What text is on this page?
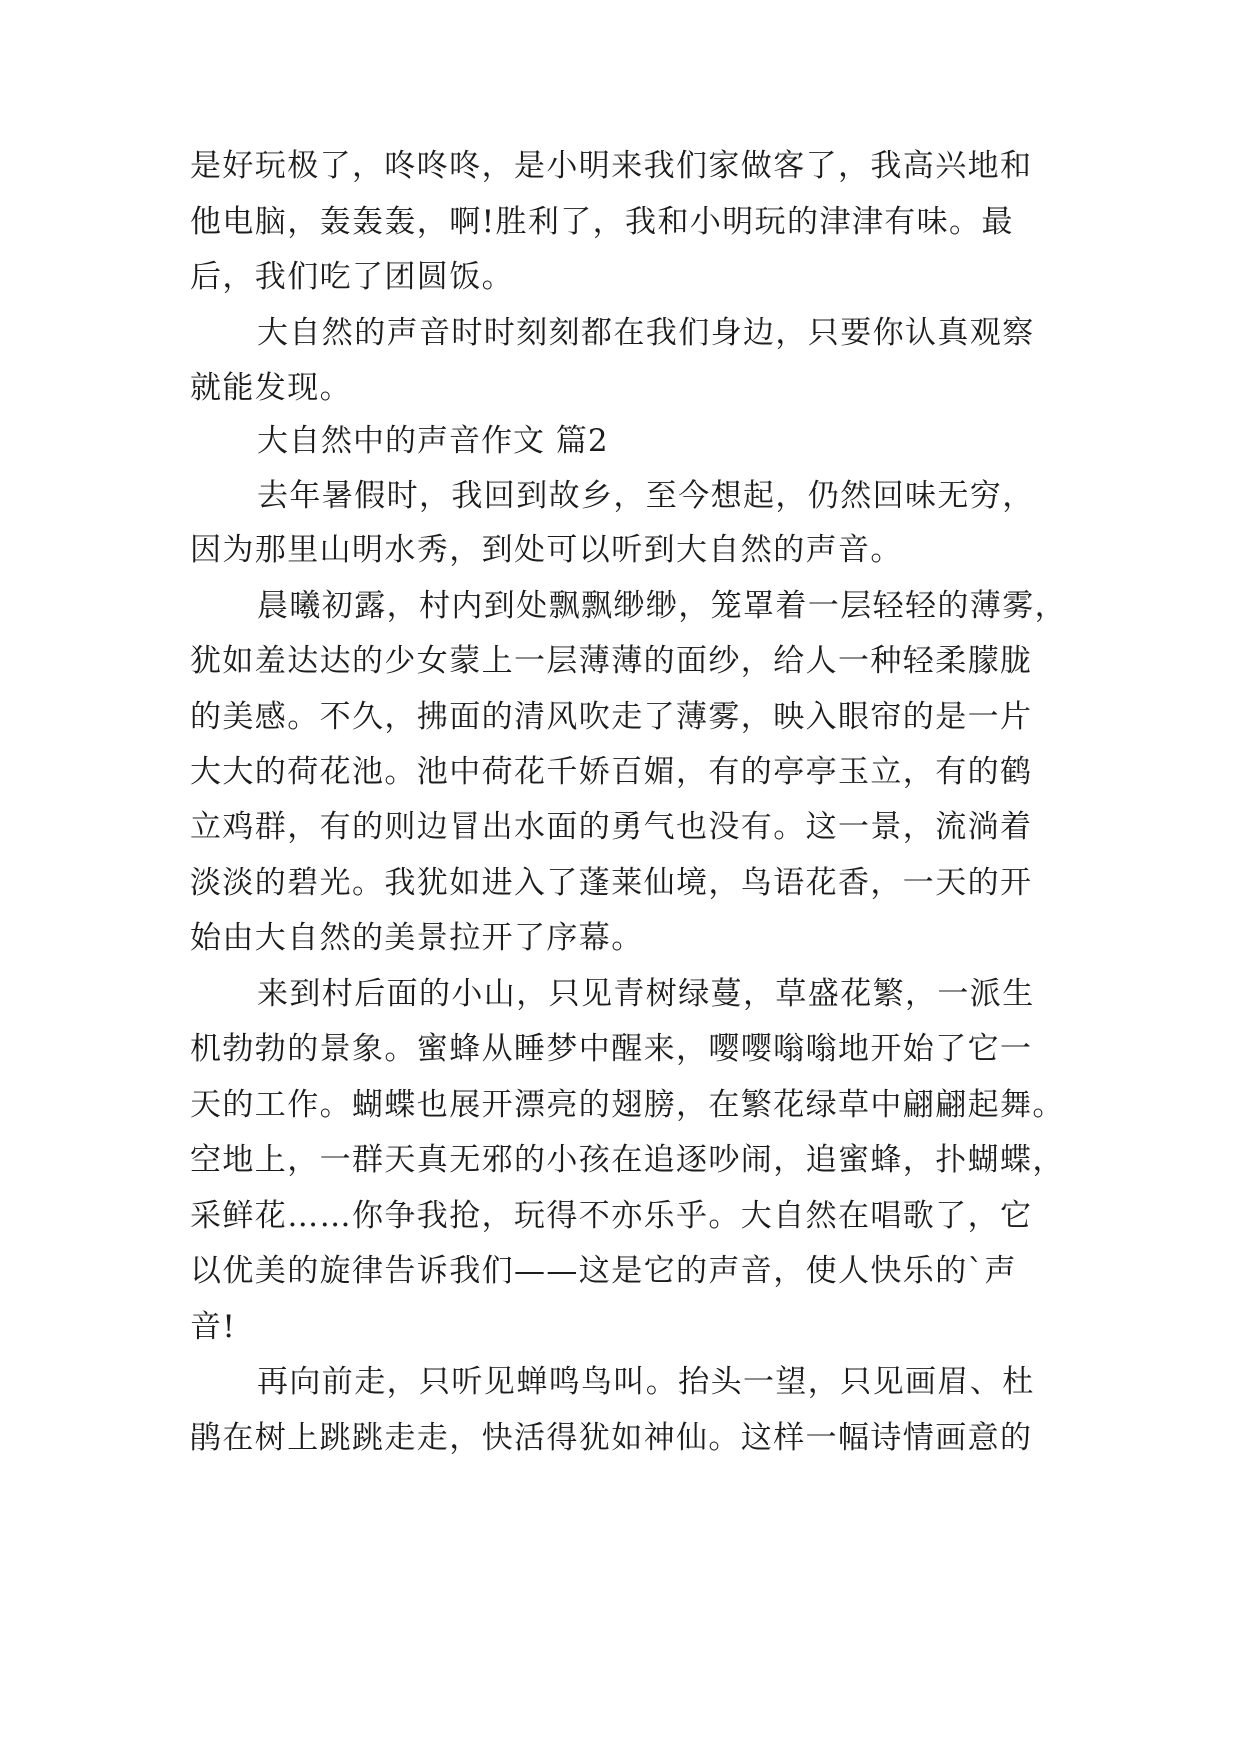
是好玩极了，咚咚咚，是小明来我们家做客了，我高兴地和
他电脑，轰轰轰，啊!胜利了，我和小明玩的津津有味。最
后，我们吃了团圆饭。
大自然的声音时时刻刻都在我们身边，只要你认真观察
就能发现。
大自然中的声音作文 篇2
去年暑假时，我回到故乡，至今想起，仍然回味无穷，
因为那里山明水秀，到处可以听到大自然的声音。
晨曦初露，村内到处飘飘缈缈，笼罩着一层轻轻的薄雾，
犹如羞达达的少女蒙上一层薄薄的面纱，给人一种轻柔朦胧
的美感。不久，拂面的清风吹走了薄雾，映入眼帘的是一片
大大的荷花池。池中荷花千娇百媚，有的亭亭玉立，有的鹤
立鸡群，有的则边冒出水面的勇气也没有。这一景，流淌着
淡淡的碧光。我犹如进入了蓬莱仙境，鸟语花香，一天的开
始由大自然的美景拉开了序幕。
来到村后面的小山，只见青树绿蔓，草盛花繁，一派生
机勃勃的景象。蜜蜂从睡梦中醒来，嘤嘤嗡嗡地开始了它一
天的工作。蝴蝶也展开漂亮的翅膀，在繁花绿草中翩翩起舞。
空地上，一群天真无邪的小孩在追逐吵闹，追蜜蜂，扑蝴蝶，
采鲜花……你争我抢，玩得不亦乐乎。大自然在唱歌了，它
以优美的旋律告诉我们——这是它的声音，使人快乐的`声
音!
再向前走，只听见蝉鸣鸟叫。抬头一望，只见画眉、杜
鹃在树上跳跳走走，快活得犹如神仙。这样一幅诗情画意的
